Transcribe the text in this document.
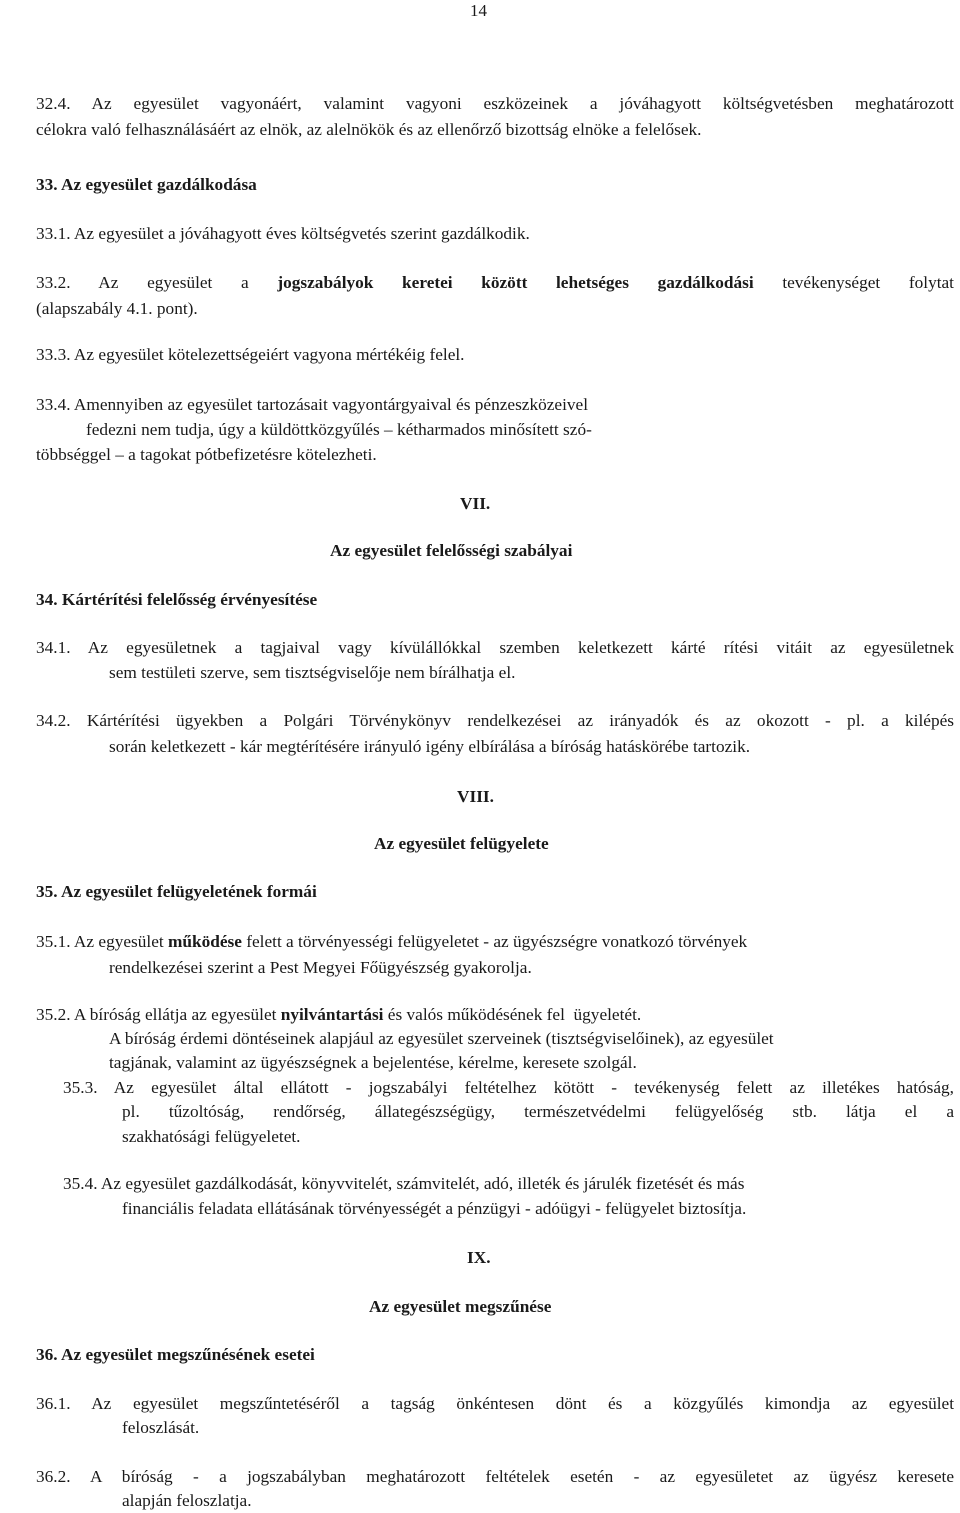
14
32.4. Az egyesület vagyonáért, valamint vagyoni eszközeinek a jóváhagyott költségvetésben meghatározott
célokra való felhasználásáért az elnök, az alelnökök és az ellenőrző bizottság elnöke a felelősek.
33. Az egyesület gazdálkodása
33.1. Az egyesület a jóváhagyott éves költségvetés szerint gazdálkodik.
33.2. Az egyesület a jogszabályok keretei között lehetséges gazdálkodási tevékenységet folytat
(alapszabály 4.1. pont).
33.3. Az egyesület kötelezettségeiért vagyona mértékéig felel.
33.4. Amennyiben az egyesület tartozásait vagyontárgyaival és pénzeszközeivel
fedezni nem tudja, úgy a küldöttközgyűlés – kétharmados minősített szó-
többséggel – a tagokat pótbefizetésre kötelezheti.
VII.
Az egyesület felelősségi szabályai
34. Kártérítési felelősség érvényesítése
34.1. Az egyesületnek a tagjaival vagy kívülállókkal szemben keletkezett kárté rítési vitáit az egyesületnek
sem testületi szerve, sem tisztségviselője nem bírálhatja el.
34.2. Kártérítési ügyekben a Polgári Törvénykönyv rendelkezései az irányadók és az okozott - pl. a kilépés
során keletkezett - kár megtérítésére irányuló igény elbírálása a bíróság hatáskörébe tartozik.
VIII.
Az egyesület felügyelete
35. Az egyesület felügyeletének formái
35.1. Az egyesület működése felett a törvényességi felügyeletet - az ügyészségre vonatkozó törvények
rendelkezései szerint a Pest Megyei Főügyészség gyakorolja.
35.2. A bíróság ellátja az egyesület nyilvántartási és valós működésének fel  ügyeletét.
A bíróság érdemi döntéseinek alapjául az egyesület szerveinek (tisztségviselőinek), az egyesület
tagjának, valamint az ügyészségnek a bejelentése, kérelme, keresete szolgál.
35.3. Az egyesület által ellátott - jogszabályi feltételhez kötött - tevékenység felett az illetékes hatóság,
pl. tűzoltóság, rendőrség, állategészségügy, természetvédelmi felügyelőség stb. látja el a
szakhatósági felügyeletet.
35.4. Az egyesület gazdálkodását, könyvvitelét, számvitelét, adó, illeték és járulék fizetését és más
financiális feladata ellátásának törvényességét a pénzügyi - adóügyi - felügyelet biztosítja.
IX.
Az egyesület megszűnése
36. Az egyesület megszűnésének esetei
36.1. Az egyesület megszűntetéséről a tagság önkéntesen dönt és a közgyűlés kimondja az egyesület
feloszlását.
36.2. A bíróság - a jogszabályban meghatározott feltételek esetén - az egyesületet az ügyész keresete
alapján feloszlatja.
